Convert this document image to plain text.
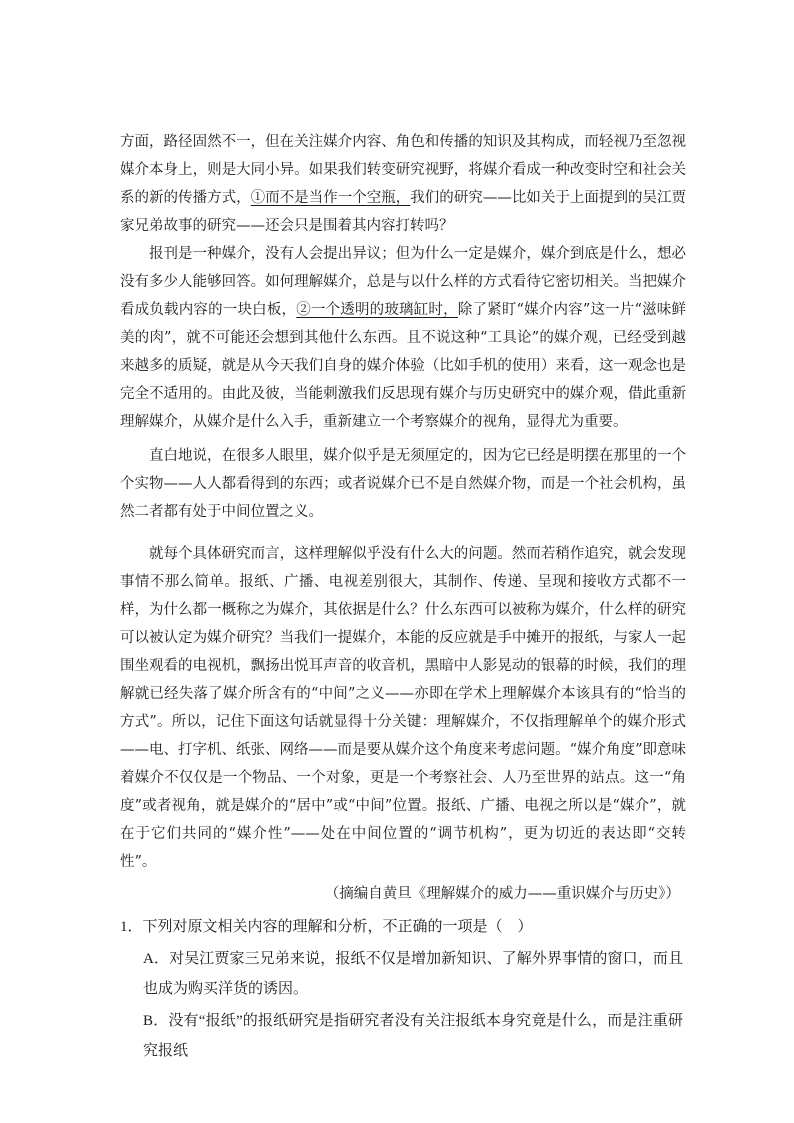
方面，路径固然不一，但在关注媒介内容、角色和传播的知识及其构成，而轻视乃至忽视媒介本身上，则是大同小异。如果我们转变研究视野，将媒介看成一种改变时空和社会关系的新的传播方式，①而不是当作一个空瓶，我们的研究——比如关于上面提到的吴江贾家兄弟故事的研究——还会只是围着其内容打转吗？

报刊是一种媒介，没有人会提出异议；但为什么一定是媒介，媒介到底是什么，想必没有多少人能够回答。如何理解媒介，总是与以什么样的方式看待它密切相关。当把媒介看成负载内容的一块白板，②一个透明的玻璃缸时，除了紧盯“媒介内容”这一片“滋味鲜美的肉”，就不可能还会想到其他什么东西。且不说这种“工具论”的媒介观，已经受到越来越多的质疑，就是从今天我们自身的媒介体验（比如手机的使用）来看，这一观念也是完全不适用的。由此及彼，当能刺激我们反思现有媒介与历史研究中的媒介观，借此重新理解媒介，从媒介是什么入手，重新建立一个考察媒介的视角，显得尤为重要。

直白地说，在很多人眼里，媒介似乎是无须厘定的，因为它已经是明摆在那里的一个个实物——人人都看得到的东西；或者说媒介已不是自然媒介物，而是一个社会机构，虽然二者都有处于中间位置之义。

就每个具体研究而言，这样理解似乎没有什么大的问题。然而若稍作追究，就会发现事情不那么简单。报纸、广播、电视差别很大，其制作、传递、呈现和接收方式都不一样，为什么都一概称之为媒介，其依据是什么？什么东西可以被称为媒介，什么样的研究可以被认定为媒介研究？当我们一提媒介，本能的反应就是手中摊开的报纸，与家人一起围坐观看的电视机，飘扬出悦耳声音的收音机，黑暗中人影晃动的银幕的时候，我们的理解就已经失落了媒介所含有的“中间”之义——亦即在学术上理解媒介本该具有的“恰当的方式”。所以，记住下面这句话就显得十分关键：理解媒介，不仅指理解单个的媒介形式——电、打字机、纸张、网络——而是要从媒介这个角度来考虑问题。“媒介角度”即意味着媒介不仅仅是一个物品、一个对象，更是一个考察社会、人乃至世界的站点。这一“角度”或者视角，就是媒介的“居中”或“中间”位置。报纸、广播、电视之所以是“媒介”，就在于它们共同的“媒介性”——处在中间位置的“调节机构”，更为切近的表达即“交转性”。

（摘编自黄旦《理解媒介的威力——重识媒介与历史》）
1．下列对原文相关内容的理解和分析，不正确的一项是（　）
A．对吴江贾家三兄弟来说，报纸不仅是增加新知识、了解外界事情的窗口，而且也成为购买洋货的诱因。
B．没有“报纸”的报纸研究是指研究者没有关注报纸本身究竟是什么，而是注重研究报纸
